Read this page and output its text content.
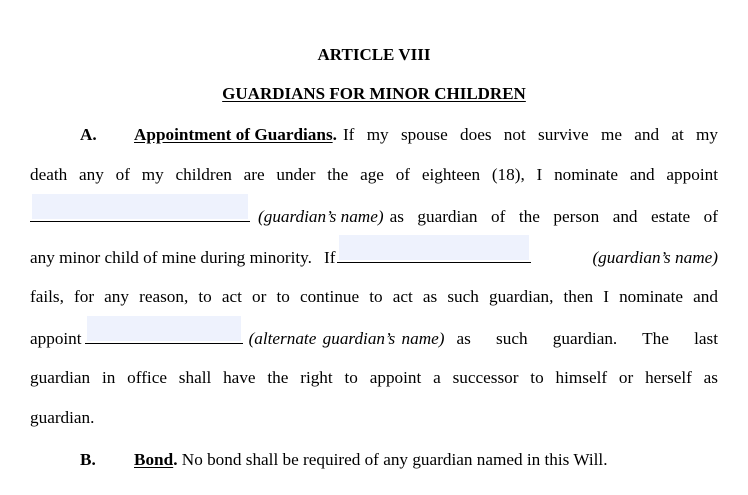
ARTICLE VIII
GUARDIANS FOR MINOR CHILDREN
A. Appointment of Guardians. If my spouse does not survive me and at my
death any of my children are under the age of eighteen (18), I nominate and appoint
(guardian’s name) as guardian of the person and estate of
any minor child of mine during minority. If	(guardian’s name)
fails, for any reason, to act or to continue to act as such guardian, then I nominate and
appoint	(alternate guardian’s name) as such guardian. The last
guardian in office shall have the right to appoint a successor to himself or herself as
guardian.
B. Bond. No bond shall be required of any guardian named in this Will.
